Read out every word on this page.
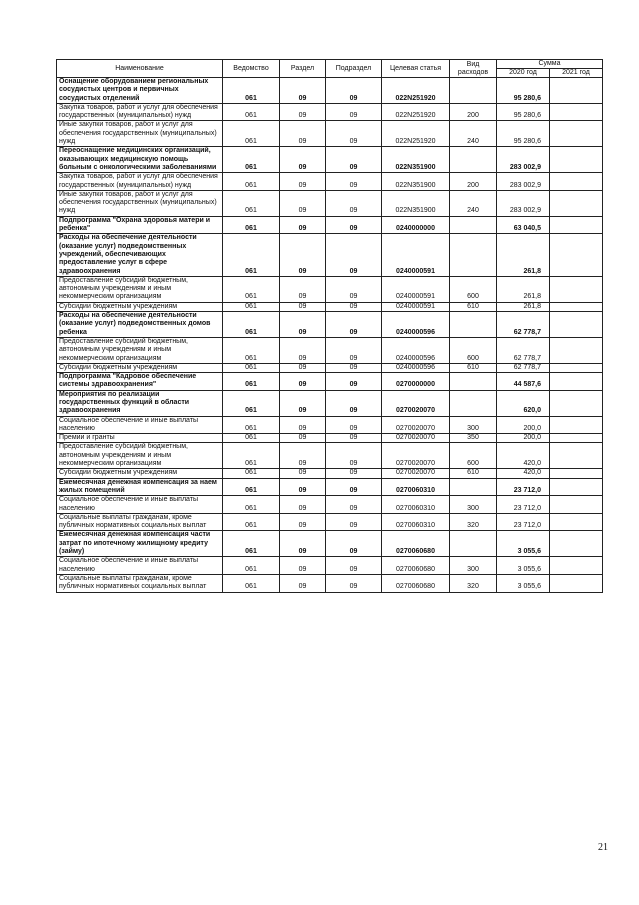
Наименование	Ведомство	Раздел	Подраздел	Целевая статья	Вид расходов	Сумма	
						2020 год	2021 год
Оснащение оборудованием региональных сосудистых центров и первичных сосудистых отделений	061	09	09	022N251920		95 280,6	
Закупка товаров, работ и услуг для обеспечения государственных (муниципальных) нужд	061	09	09	022N251920	200	95 280,6	
Иные закупки товаров, работ и услуг для обеспечения государственных (муниципальных) нужд	061	09	09	022N251920	240	95 280,6	
Переоснащение медицинских организаций, оказывающих медицинскую помощь больным с онкологическими заболеваниями	061	09	09	022N351900		283 002,9	
Закупка товаров, работ и услуг для обеспечения государственных (муниципальных) нужд	061	09	09	022N351900	200	283 002,9	
Иные закупки товаров, работ и услуг для обеспечения государственных (муниципальных) нужд	061	09	09	022N351900	240	283 002,9	
Подпрограмма "Охрана здоровья матери и ребенка"	061	09	09	0240000000		63 040,5	
Расходы на обеспечение деятельности (оказание услуг) подведомственных учреждений, обеспечивающих предоставление услуг в сфере здравоохранения	061	09	09	0240000591		261,8	
Предоставление субсидий бюджетным, автономным учреждениям и иным некоммерческим организациям	061	09	09	0240000591	600	261,8	
Субсидии бюджетным учреждениям	061	09	09	0240000591	610	261,8	
Расходы на обеспечение деятельности (оказание услуг) подведомственных домов ребенка	061	09	09	0240000596		62 778,7	
Предоставление субсидий бюджетным, автономным учреждениям и иным некоммерческим организациям	061	09	09	0240000596	600	62 778,7	
Субсидии бюджетным учреждениям	061	09	09	0240000596	610	62 778,7	
Подпрограмма "Кадровое обеспечение системы здравоохранения"	061	09	09	0270000000		44 587,6	
Мероприятия по реализации государственных функций в области здравоохранения	061	09	09	0270020070		620,0	
Социальное обеспечение и иные выплаты населению	061	09	09	0270020070	300	200,0	
Премии и гранты	061	09	09	0270020070	350	200,0	
Предоставление субсидий бюджетным, автономным учреждениям и иным некоммерческим организациям	061	09	09	0270020070	600	420,0	
Субсидии бюджетным учреждениям	061	09	09	0270020070	610	420,0	
Ежемесячная денежная компенсация за наем жилых помещений	061	09	09	0270060310		23 712,0	
Социальное обеспечение и иные выплаты населению	061	09	09	0270060310	300	23 712,0	
Социальные выплаты гражданам, кроме публичных нормативных социальных выплат	061	09	09	0270060310	320	23 712,0	
Ежемесячная денежная компенсация части затрат по ипотечному жилищному кредиту (займу)	061	09	09	0270060680		3 055,6	
Социальное обеспечение и иные выплаты населению	061	09	09	0270060680	300	3 055,6	
Социальные выплаты гражданам, кроме публичных нормативных социальных выплат	061	09	09	0270060680	320	3 055,6	
21
